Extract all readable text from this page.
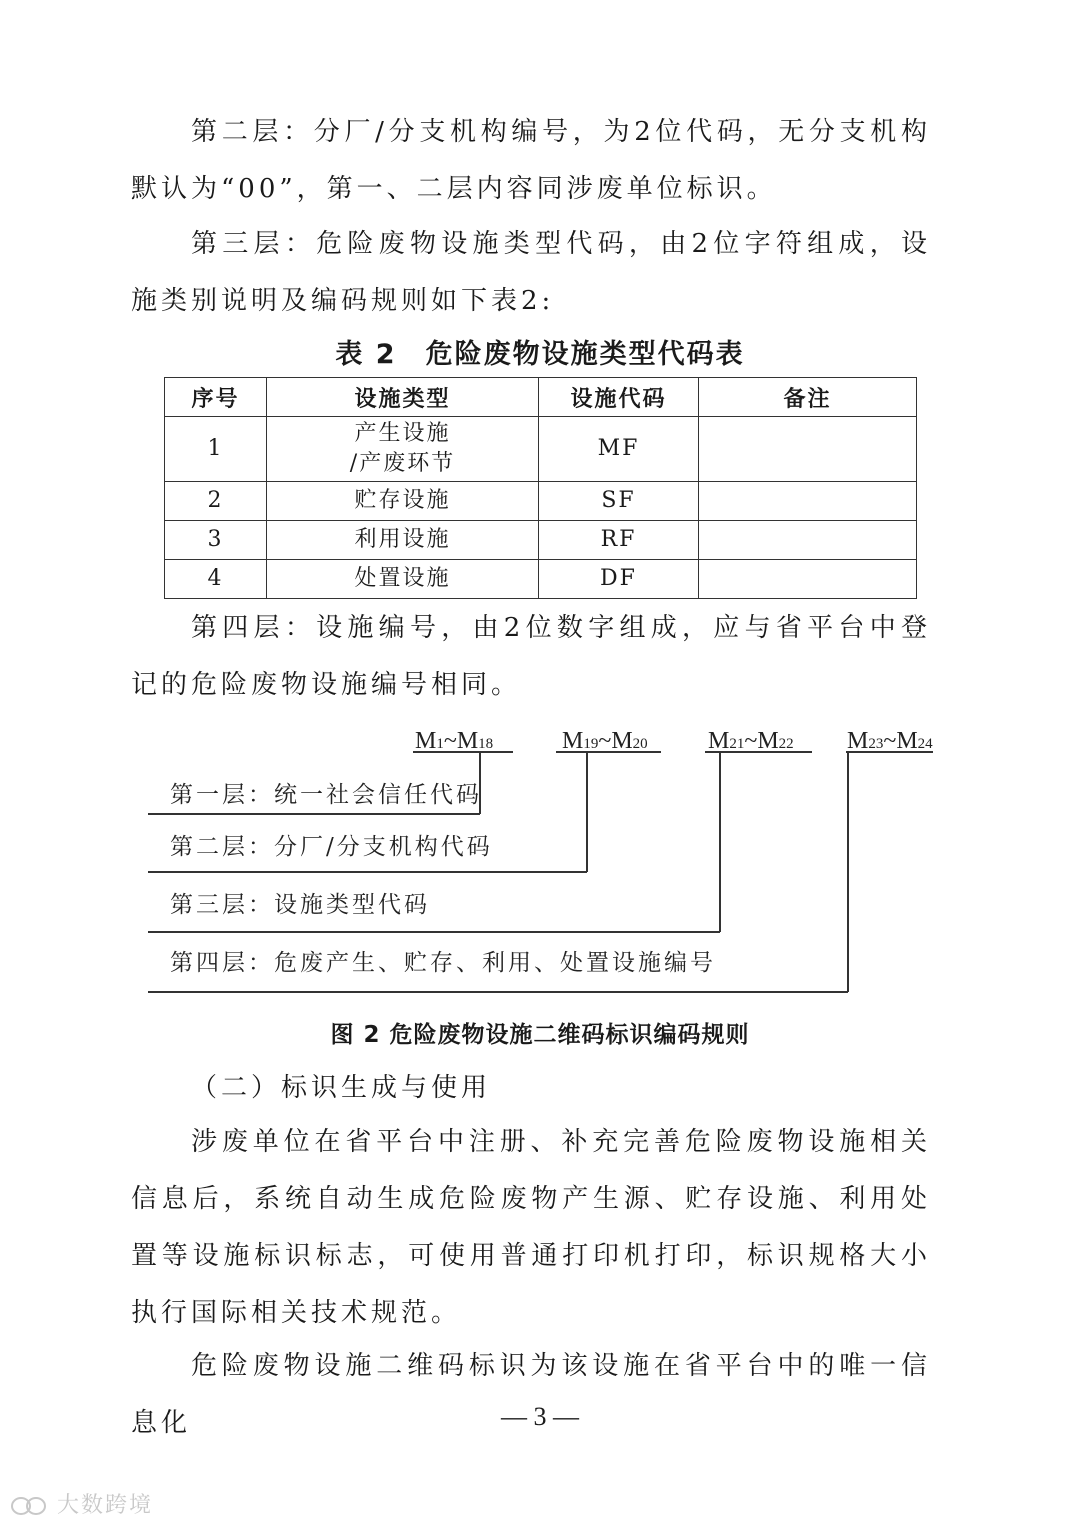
第二层：分厂/分支机构编号，为2位代码，无分支机构默认为“00”，第一、二层内容同涉废单位标识。

第三层：危险废物设施类型代码，由2位字符组成，设施类别说明及编码规则如下表2:

表 2　危险废物设施类型代码表

序号	设施类型	设施代码	备注
1	产生设施
/产废环节	MF	
2	贮存设施	SF	
3	利用设施	RF	
4	处置设施	DF	

第四层：设施编号，由2位数字组成，应与省平台中登记的危险废物设施编号相同。

M1~M18	M19~M20	M21~M22 M23~M24
第一层：统一社会信任代码
第二层：分厂/分支机构代码
第三层：设施类型代码
第四层：危废产生、贮存、利用、处置设施编号

图 2 危险废物设施二维码标识编码规则

（二）标识生成与使用

涉废单位在省平台中注册、补充完善危险废物设施相关信息后，系统自动生成危险废物产生源、贮存设施、利用处置等设施标识标志，可使用普通打印机打印，标识规格大小执行国际相关技术规范。

危险废物设施二维码标识为该设施在省平台中的唯一信息化	— 3 —

大数跨境
